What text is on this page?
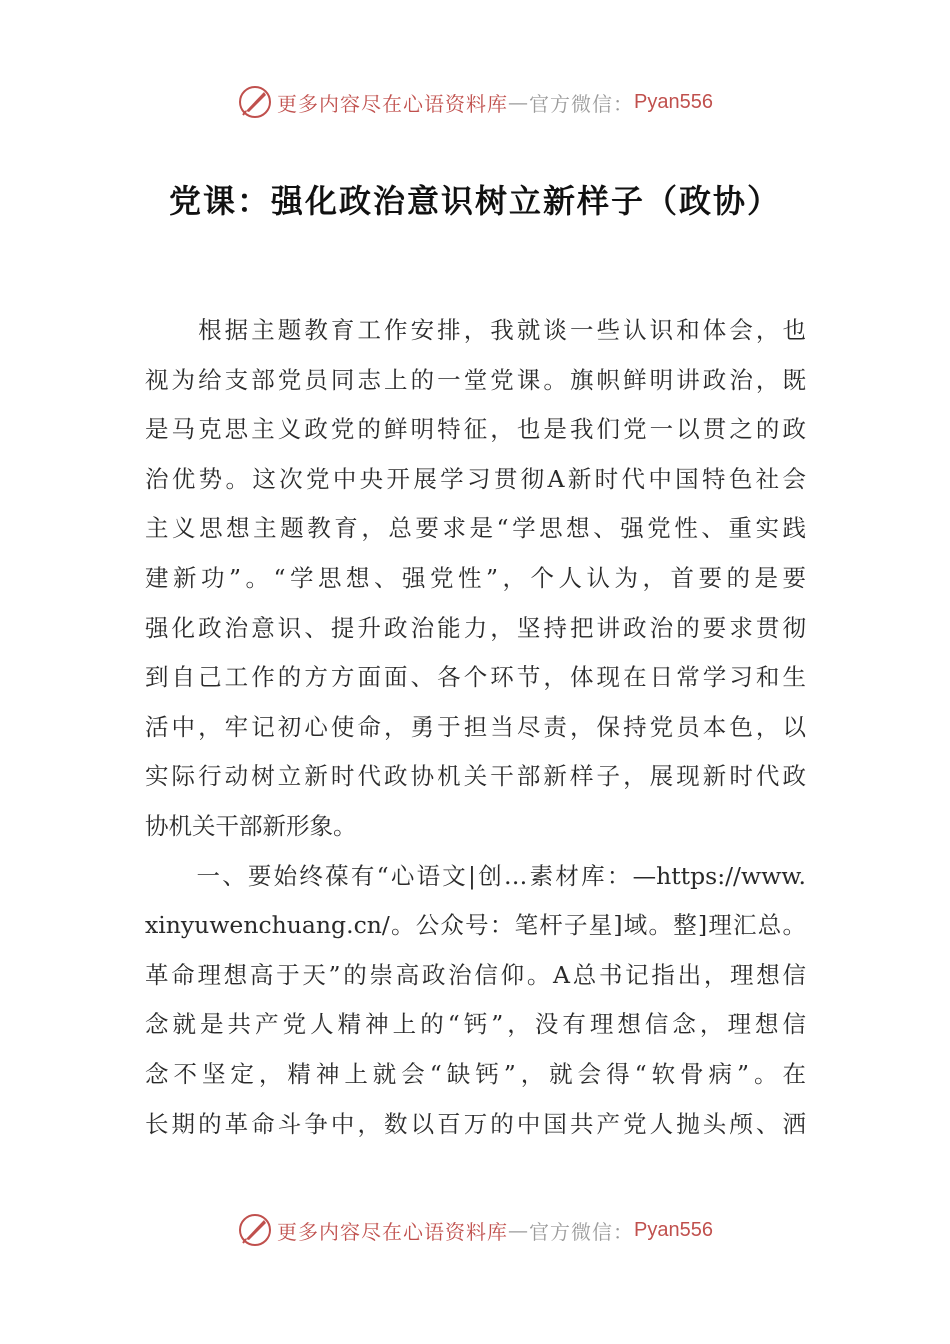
更多内容尽在心语资料库 — 官方微信： Pyan556
党课：强化政治意识树立新样子（政协）
　　根据主题教育工作安排，我就谈一些认识和体会，也
视为给支部党员同志上的一堂党课。旗帜鲜明讲政治，既
是马克思主义政党的鲜明特征，也是我们党一以贯之的政
治优势。这次党中央开展学习贯彻A新时代中国特色社会
主义思想主题教育，总要求是“学思想、强党性、重实践
建新功”。“学思想、强党性”，个人认为，首要的是要
强化政治意识、提升政治能力，坚持把讲政治的要求贯彻
到自己工作的方方面面、各个环节，体现在日常学习和生
活中，牢记初心使命，勇于担当尽责，保持党员本色，以
实际行动树立新时代政协机关干部新样子，展现新时代政
协机关干部新形象。
　　一、要始终葆有“心语文|创…素材库：—https://www.
xinyuwenchuang.cn/。公众号：笔杆子星]域。整]理汇总。
革命理想高于天”的崇高政治信仰。A总书记指出，理想信
念就是共产党人精神上的“钙”，没有理想信念，理想信
念不坚定，精神上就会“缺钙”，就会得“软骨病”。在
长期的革命斗争中，数以百万的中国共产党人抛头颅、洒
更多内容尽在心语资料库 — 官方微信： Pyan556
